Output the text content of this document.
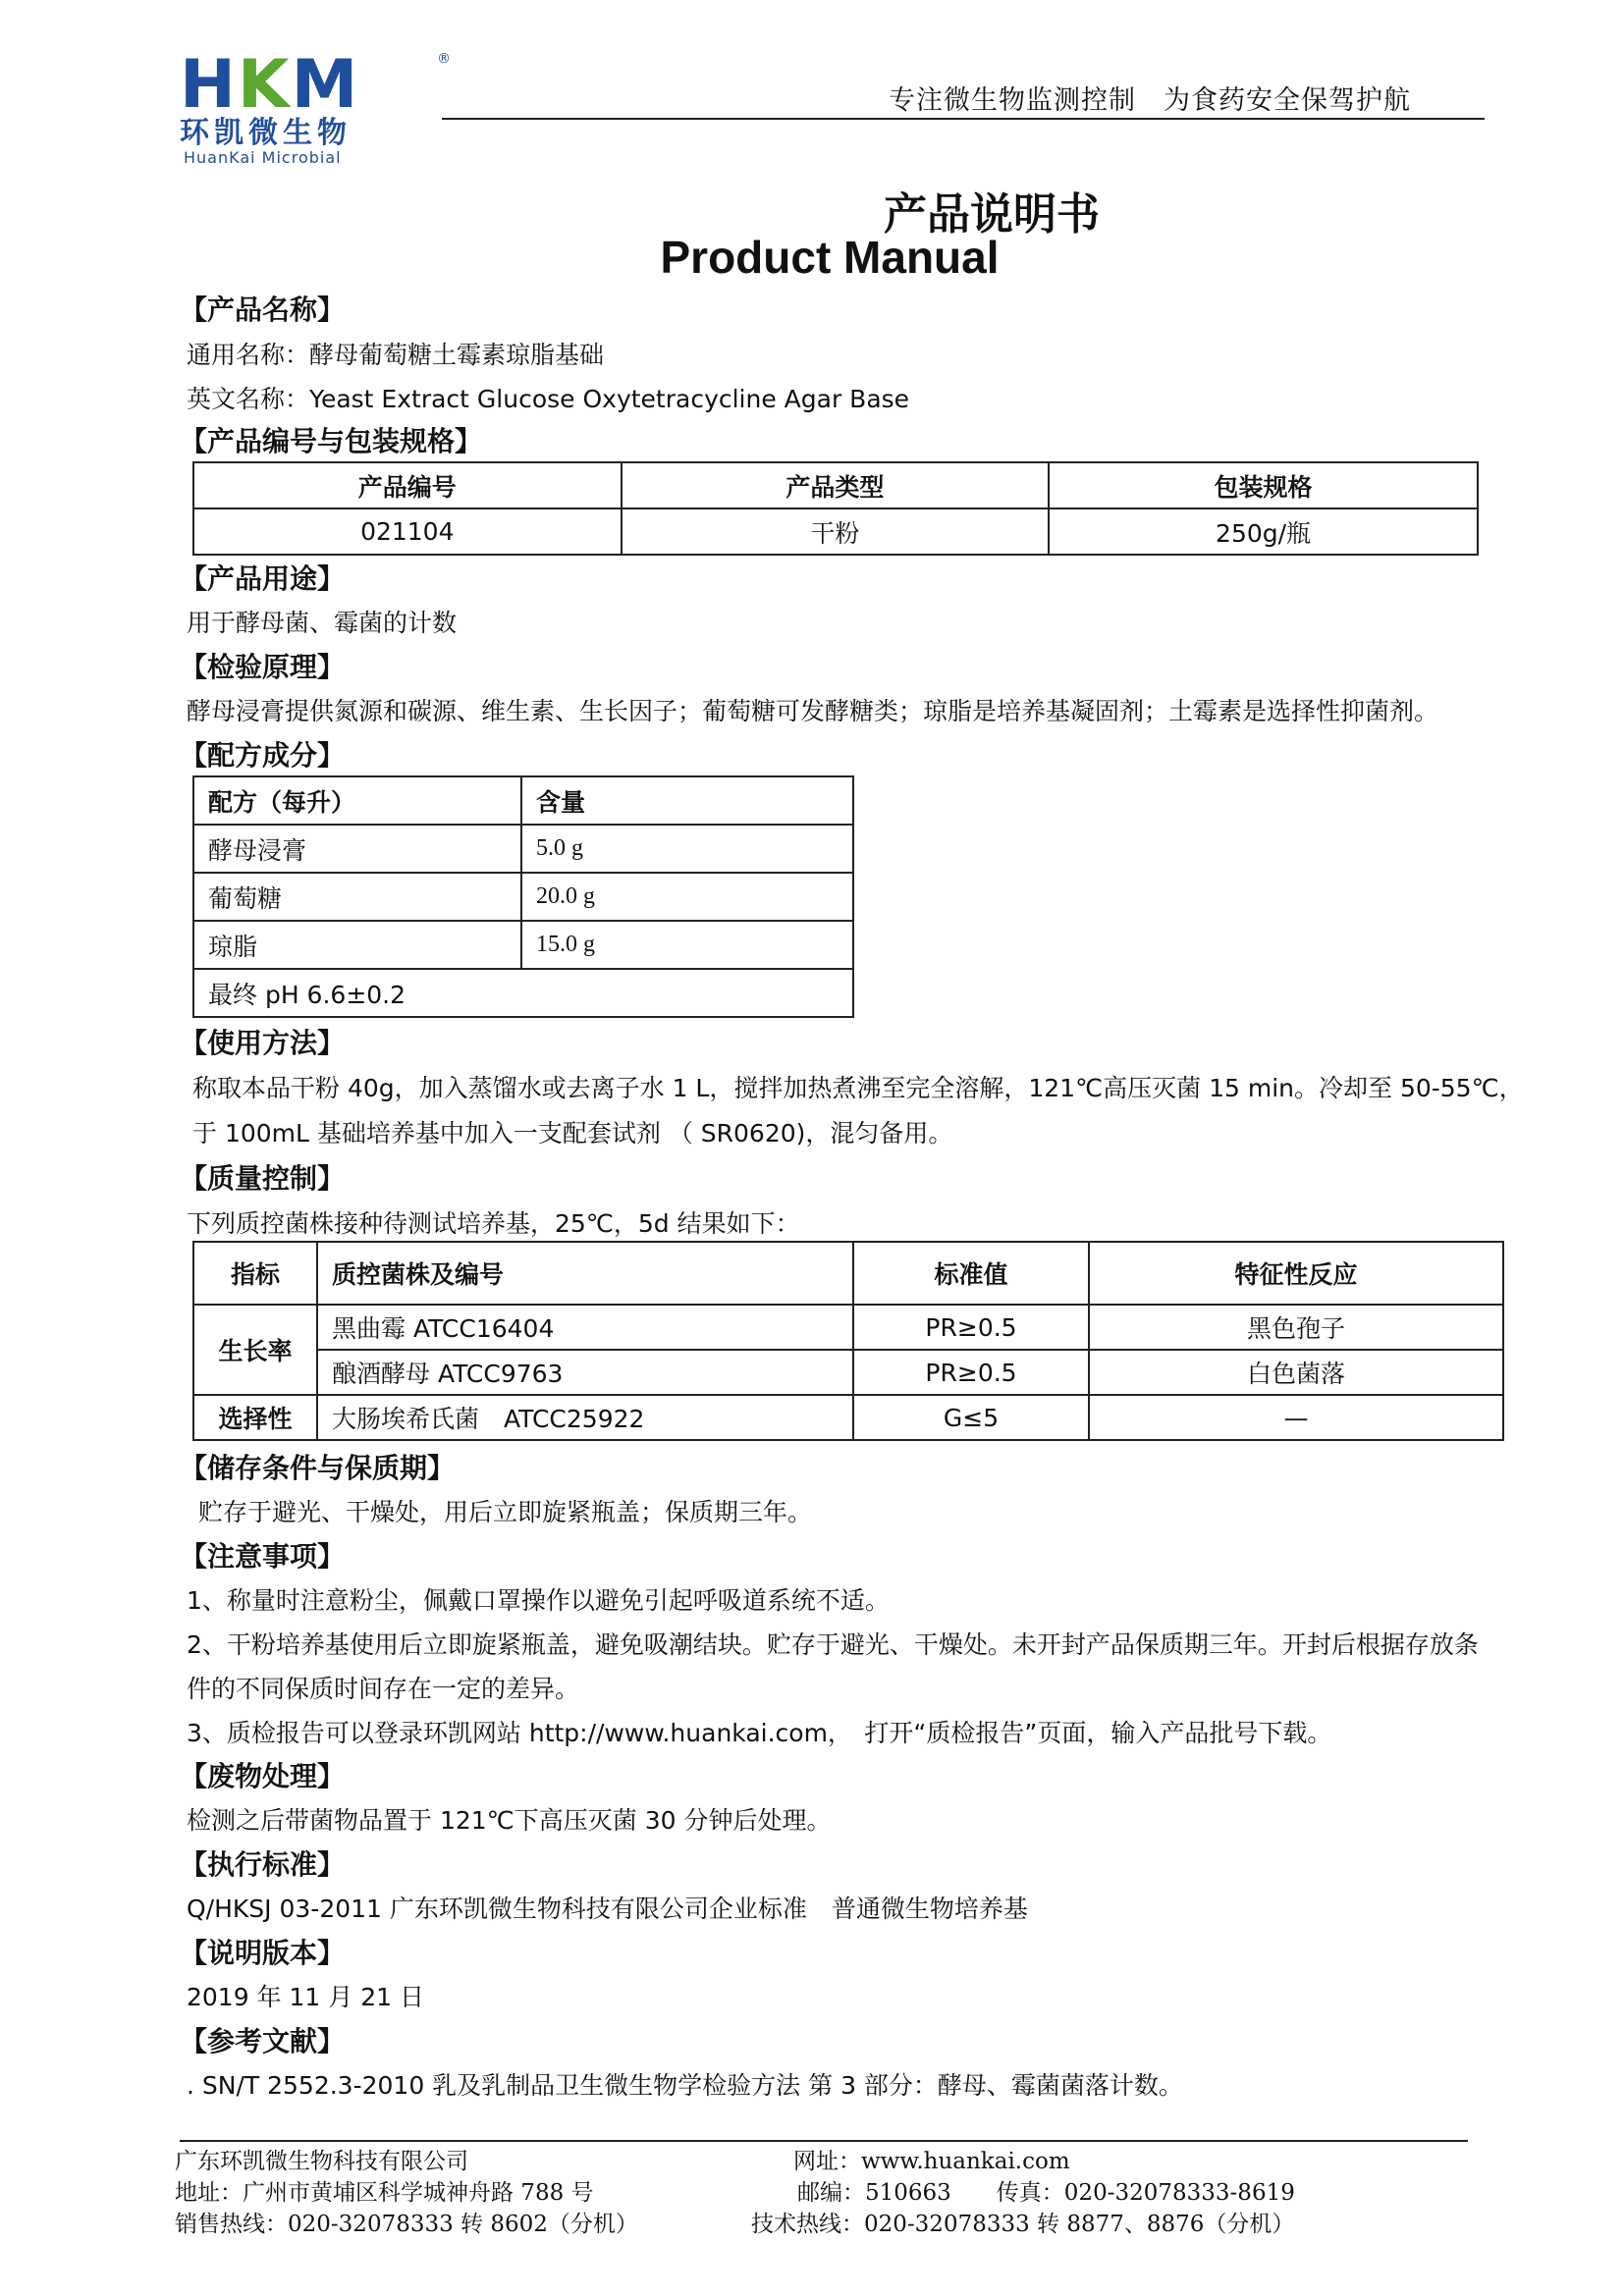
HKM	®
环凯微生物
HuanKai Microbial
专注微生物监测控制　为食药安全保驾护航
产品说明书
Product Manual
【产品名称】
通用名称：酵母葡萄糖土霉素琼脂基础
英文名称：Yeast Extract Glucose Oxytetracycline Agar Base
【产品编号与包装规格】
产品编号	产品类型	包装规格
021104	干粉	250g/瓶
【产品用途】
用于酵母菌、霉菌的计数
【检验原理】
酵母浸膏提供氮源和碳源、维生素、生长因子；葡萄糖可发酵糖类；琼脂是培养基凝固剂；土霉素是选择性抑菌剂。
【配方成分】
配方（每升）	含量
酵母浸膏	5.0 g
葡萄糖	20.0 g
琼脂	15.0 g
最终 pH 6.6±0.2	
【使用方法】
称取本品干粉 40g，加入蒸馏水或去离子水 1 L，搅拌加热煮沸至完全溶解，121℃高压灭菌 15 min。冷却至 50-55℃，
于 100mL 基础培养基中加入一支配套试剂 （ SR0620)，混匀备用。
【质量控制】
下列质控菌株接种待测试培养基，25℃，5d 结果如下：
指标	质控菌株及编号	标准值	特征性反应
生长率	黑曲霉 ATCC16404	PR≥0.5	黑色孢子
	酿酒酵母 ATCC9763	PR≥0.5	白色菌落
选择性	大肠埃希氏菌　ATCC25922	G≤5	—
【储存条件与保质期】
贮存于避光、干燥处，用后立即旋紧瓶盖；保质期三年。
【注意事项】
1、称量时注意粉尘，佩戴口罩操作以避免引起呼吸道系统不适。
2、干粉培养基使用后立即旋紧瓶盖，避免吸潮结块。贮存于避光、干燥处。未开封产品保质期三年。开封后根据存放条
件的不同保质时间存在一定的差异。
3、质检报告可以登录环凯网站 http://www.huankai.com，　打开“质检报告”页面，输入产品批号下载。
【废物处理】
检测之后带菌物品置于 121℃下高压灭菌 30 分钟后处理。
【执行标准】
Q/HKSJ 03-2011 广东环凯微生物科技有限公司企业标准　普通微生物培养基
【说明版本】
2019 年 11 月 21 日
【参考文献】
. SN/T 2552.3-2010 乳及乳制品卫生微生物学检验方法 第 3 部分：酵母、霉菌菌落计数。
广东环凯微生物科技有限公司	网址：www.huankai.com
地址：广州市黄埔区科学城神舟路 788 号	邮编：510663　　传真：020-32078333-8619
销售热线：020-32078333 转 8602（分机）	技术热线：020-32078333 转 8877、8876（分机）
